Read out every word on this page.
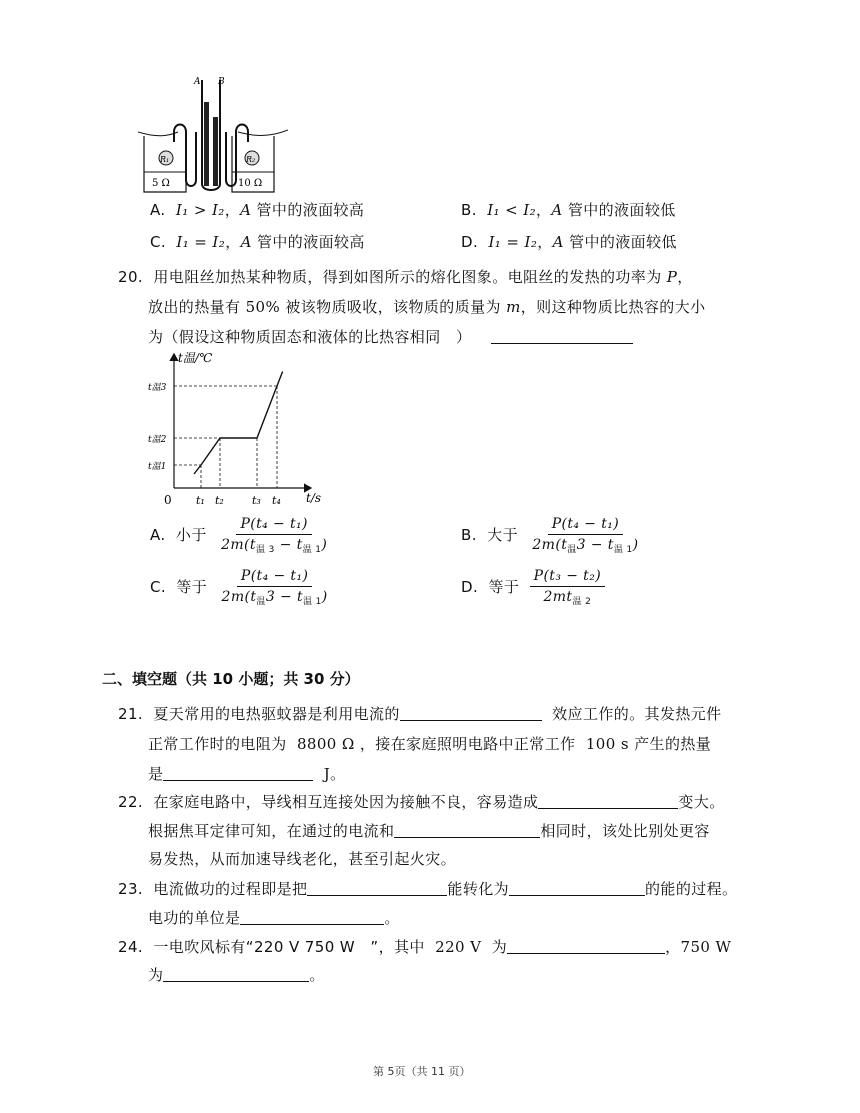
A B
R₁	R₂
5 Ω	10 Ω
A. I₁ > I₂，A 管中的液面较高	B. I₁ < I₂，A 管中的液面较低
C. I₁ = I₂，A 管中的液面较高	D. I₁ = I₂，A 管中的液面较低
20. 用电阻丝加热某种物质，得到如图所示的熔化图象。电阻丝的发热的功率为 P，
放出的热量有 50% 被该物质吸收，该物质的质量为 m，则这种物质比热容的大小
为（假设这种物质固态和液体的比热容相同　）
t温/℃
t/s
0 t₁ t₂	t₃ t₄
t温1
t温2
t温3
A. 小于 $\frac{\text{P(t₄ − t₁)}}{2m(t_{温 3} - t_{温 1})}$	B. 大于 $\frac{\text{P(t₄ − t₁)}}{2m(t_温3 - t_{温 1})}$
C. 等于 $\frac{\text{P(t₄ − t₁)}}{2m(t_温3 - t_{温 1})}$	D. 等于 $\frac{\text{P(t₃ − t₂)}}{2mt_{温 2}}$
二、填空题（共 10 小题；共 30 分）
21. 夏天常用的电热驱蚊器是利用电流的	效应工作的。其发热元件
正常工作时的电阻为 8800 Ω ，接在家庭照明电路中正常工作 100 s 产生的热量
是	J。
22. 在家庭电路中，导线相互连接处因为接触不良，容易造成	变大。
根据焦耳定律可知，在通过的电流和	相同时，该处比别处更容
易发热，从而加速导线老化，甚至引起火灾。
23. 电流做功的过程即是把	能转化为	的能的过程。
电功的单位是	。
24. 一电吹风标有“220 V 750 W　”，其中 220 V 为	，750 W
为	。
第 5页（共 11 页）
